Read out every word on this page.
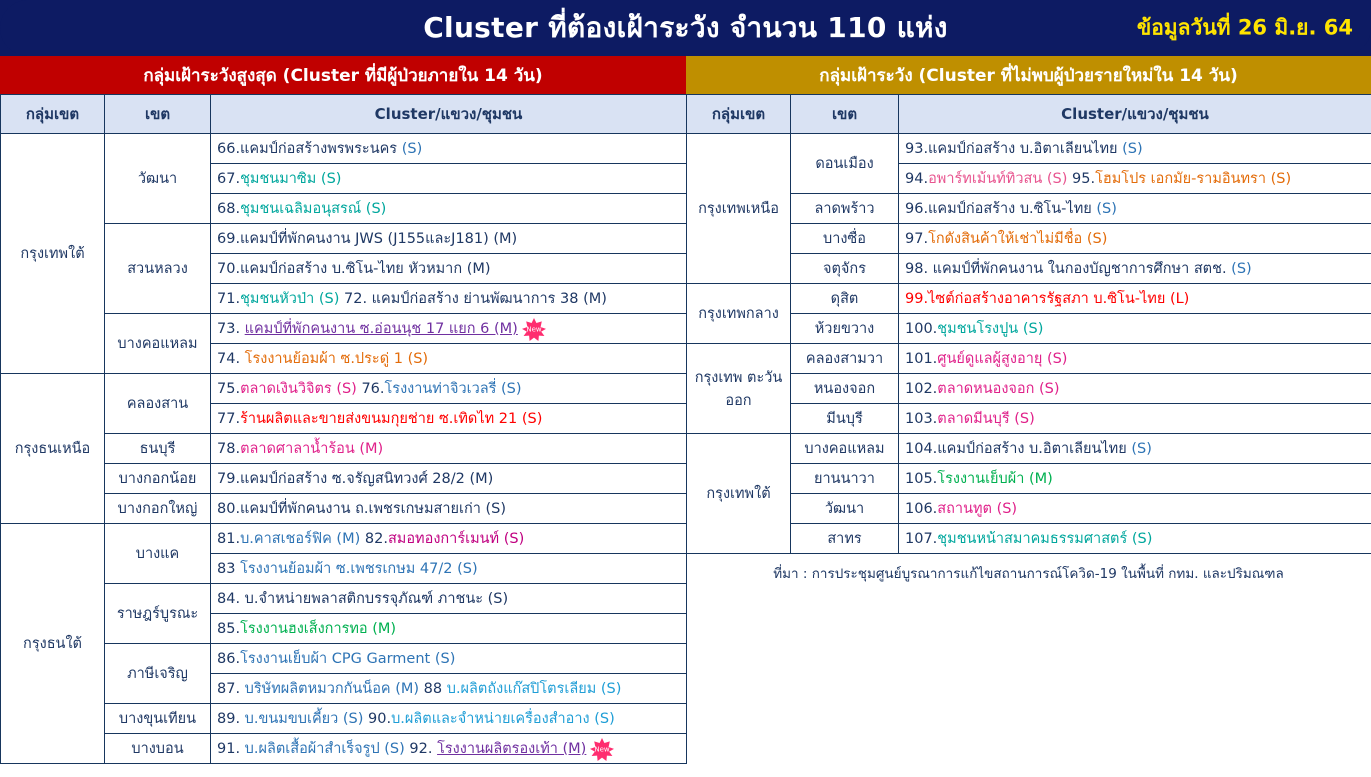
Cluster ที่ต้องเฝ้าระวัง จำนวน 110 แห่ง	ข้อมูลวันที่ 26 มิ.ย. 64
กลุ่มเฝ้าระวังสูงสุด (Cluster ที่มีผู้ป่วยภายใน 14 วัน)
กลุ่มเขต	เขต	Cluster/แขวง/ชุมชน
กรุงเทพใต้	วัฒนา	66.แคมป์ก่อสร้างพรพระนคร (S)

		67.ชุมชนมาซิม (S)

		68.ชุมชนเฉลิมอนุสรณ์ (S)

	สวนหลวง	69.แคมป์ที่พักคนงาน JWS (J155และJ181) (M)

		70.แคมป์ก่อสร้าง บ.ซิโน-ไทย หัวหมาก (M)

		71.ชุมชนหัวป่า (S) 72. แคมป์ก่อสร้าง ย่านพัฒนาการ 38 (M)

	บางคอแหลม	73. แคมป์ที่พักคนงาน ซ.อ่อนนุช 17 แยก 6 (M) New

		74. โรงงานย้อมผ้า ซ.ประดู่ 1 (S)

กรุงธนเหนือ	คลองสาน	75.ตลาดเงินวิจิตร (S) 76.โรงงานท่าจิวเวลรี่ (S)

		77.ร้านผลิตและขายส่งขนมกุยช่าย ซ.เทิดไท 21 (S)

	ธนบุรี	78.ตลาดศาลาน้ำร้อน (M)

	บางกอกน้อย	79.แคมป์ก่อสร้าง ซ.จรัญสนิทวงศ์ 28/2 (M)

	บางกอกใหญ่	80.แคมป์ที่พักคนงาน ถ.เพชรเกษมสายเก่า (S)

กรุงธนใต้	บางแค	81.บ.คาสเชอร์ฟิค (M) 82.สมอทองการ์เมนท์ (S)

		83 โรงงานย้อมผ้า ซ.เพชรเกษม 47/2 (S)

	ราษฎร์บูรณะ	84. บ.จำหน่ายพลาสติกบรรจุภัณฑ์ ภาชนะ (S)

		85.โรงงานฮงเส็งการทอ (M)

	ภาษีเจริญ	86.โรงงานเย็บผ้า CPG Garment (S)

		87. บริษัทผลิตหมวกกันน็อค (M) 88 บ.ผลิตถังแก๊สปิโตรเลียม (S)

	บางขุนเทียน	89. บ.ขนมขบเคี้ยว (S) 90.บ.ผลิตและจำหน่ายเครื่องสำอาง (S)

	บางบอน	91. บ.ผลิตเสื้อผ้าสำเร็จรูป (S) 92. โรงงานผลิตรองเท้า (M) New
กลุ่มเฝ้าระวัง (Cluster ที่ไม่พบผู้ป่วยรายใหม่ใน 14 วัน)
กลุ่มเขต	เขต	Cluster/แขวง/ชุมชน
กรุงเทพเหนือ	ดอนเมือง	93.แคมป์ก่อสร้าง บ.อิตาเลียนไทย (S)

		94.อพาร์ทเม้นท์ทิวสน (S) 95.โฮมโปร เอกมัย-รามอินทรา (S)

	ลาดพร้าว	96.แคมป์ก่อสร้าง บ.ซิโน-ไทย (S)

	บางซื่อ	97.โกดังสินค้าให้เช่าไม่มีชื่อ (S)

	จตุจักร	98. แคมป์ที่พักคนงาน ในกองบัญชาการศึกษา สตช. (S)

กรุงเทพกลาง	ดุสิต	99.ไซต์ก่อสร้างอาคารรัฐสภา บ.ซิโน-ไทย (L)

	ห้วยขวาง	100.ชุมชนโรงปูน (S)

กรุงเทพ ตะวันออก	คลองสามวา	101.ศูนย์ดูแลผู้สูงอายุ (S)

	หนองจอก	102.ตลาดหนองจอก (S)

	มีนบุรี	103.ตลาดมีนบุรี (S)

กรุงเทพใต้	บางคอแหลม	104.แคมป์ก่อสร้าง บ.อิตาเลียนไทย (S)

	ยานนาวา	105.โรงงานเย็บผ้า (M)

	วัฒนา	106.สถานทูต (S)

	สาทร	107.ชุมชนหน้าสมาคมธรรมศาสตร์ (S)
ที่มา : การประชุมศูนย์บูรณาการแก้ไขสถานการณ์โควิด-19 ในพื้นที่ กทม. และปริมณฑล
